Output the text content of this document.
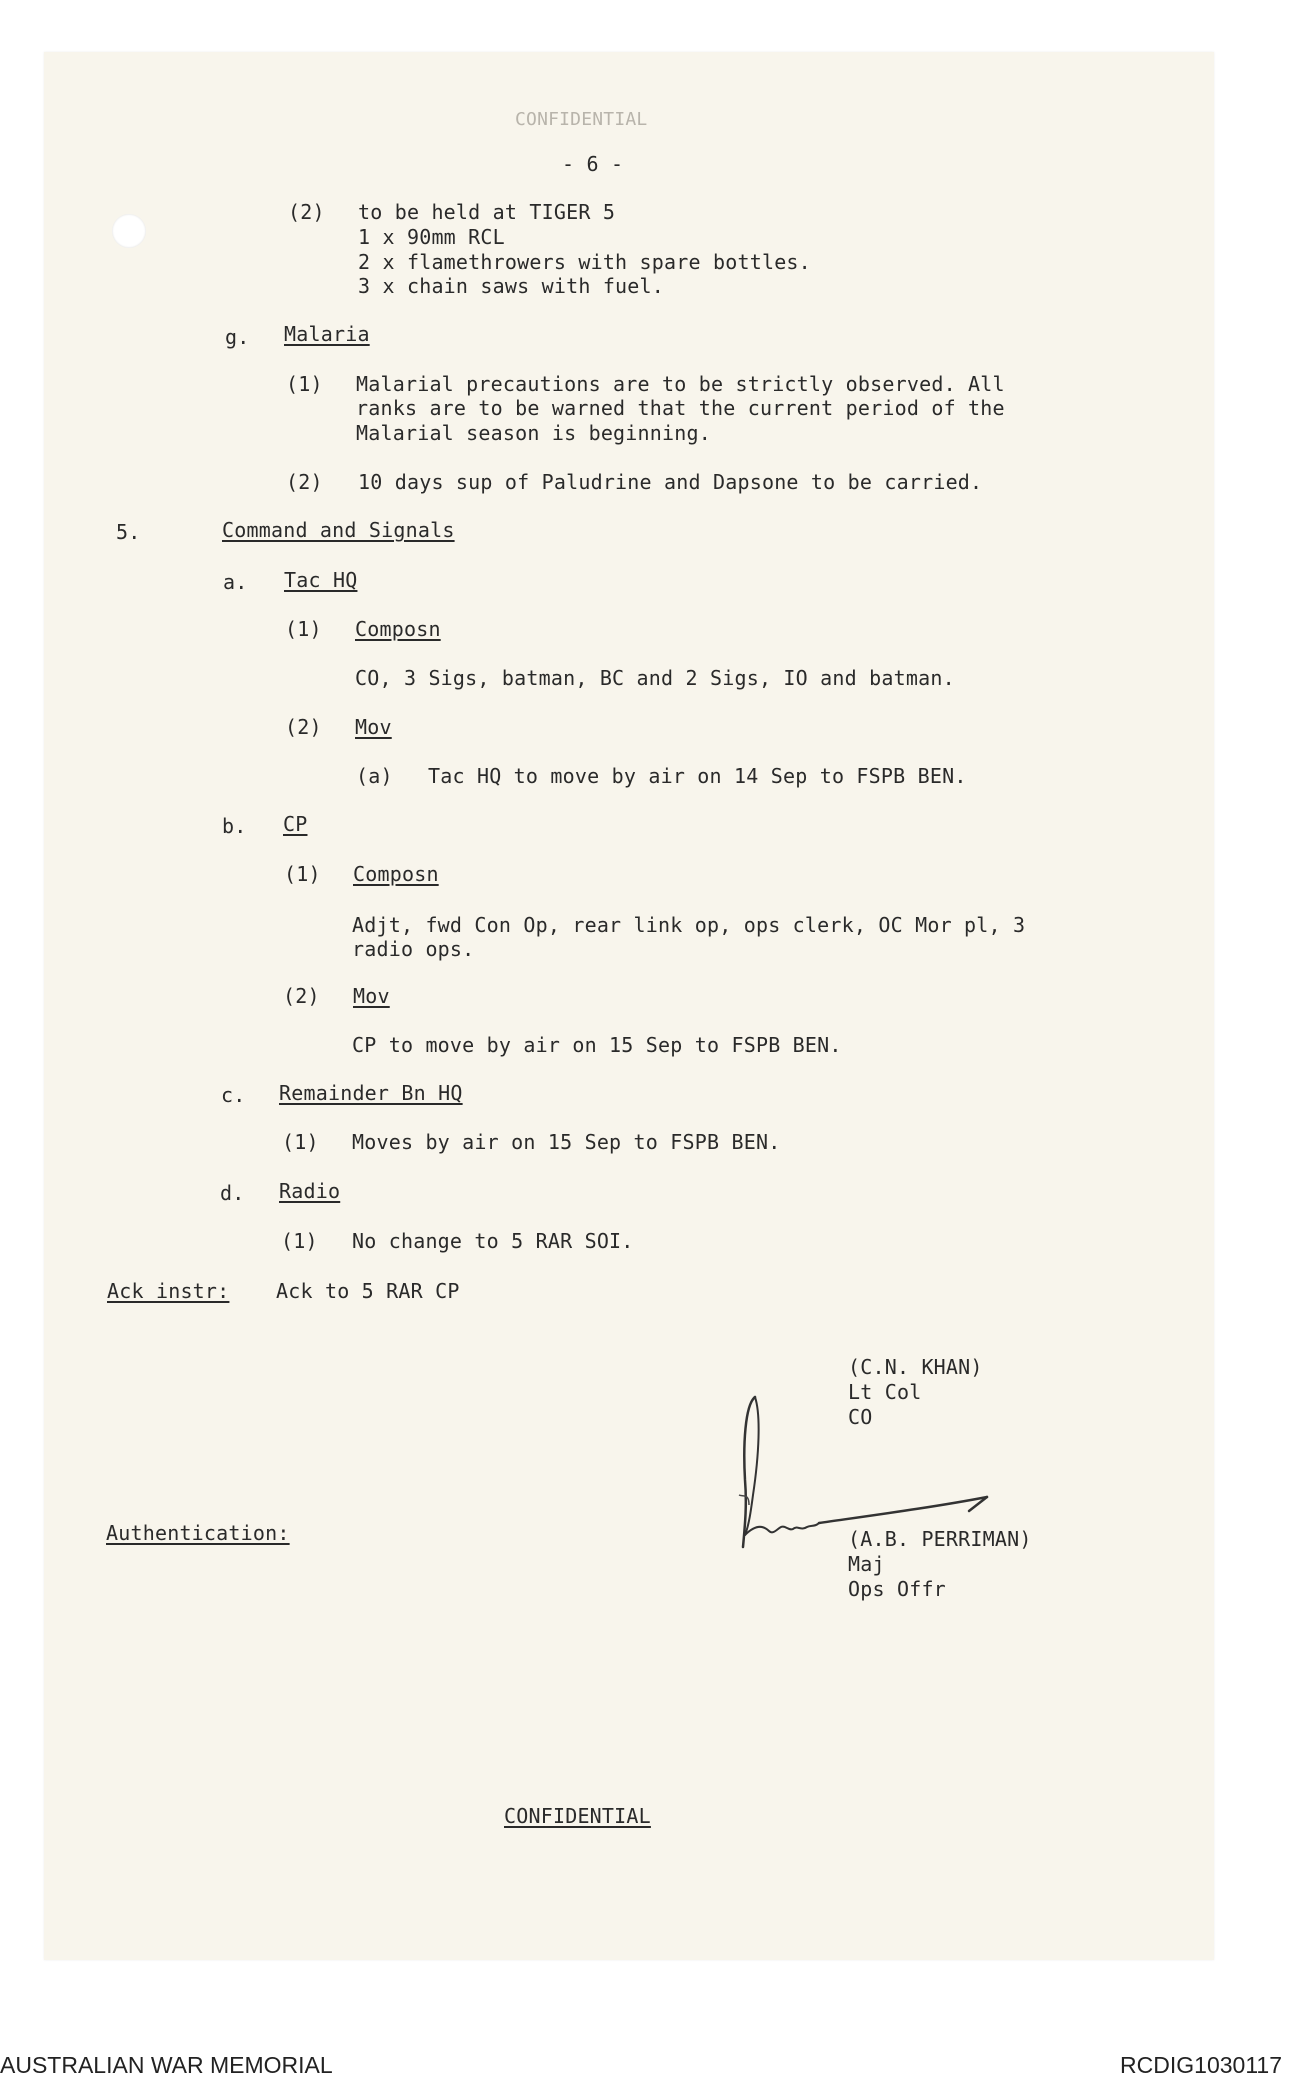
CONFIDENTIAL
- 6 -
(2) to be held at TIGER 5
1 x 90mm RCL
2 x flamethrowers with spare bottles.
3 x chain saws with fuel.
g. Malaria
(1) Malarial precautions are to be strictly observed. All
ranks are to be warned that the current period of the
Malarial season is beginning.
(2) 10 days sup of Paludrine and Dapsone to be carried.
5.	Command and Signals
a. Tac HQ
(1) Composn
CO, 3 Sigs, batman, BC and 2 Sigs, IO and batman.
(2) Mov
(a) Tac HQ to move by air on 14 Sep to FSPB BEN.
b. CP
(1) Composn
Adjt, fwd Con Op, rear link op, ops clerk, OC Mor pl, 3
radio ops.
(2) Mov
CP to move by air on 15 Sep to FSPB BEN.
c. Remainder Bn HQ
(1) Moves by air on 15 Sep to FSPB BEN.
d. Radio
(1) No change to 5 RAR SOI.
Ack instr: Ack to 5 RAR CP
(C.N. KHAN)
Lt Col
CO
Authentication:	(A.B. PERRIMAN)
Maj
Ops Offr
CONFIDENTIAL
AUSTRALIAN WAR MEMORIAL	RCDIG1030117
